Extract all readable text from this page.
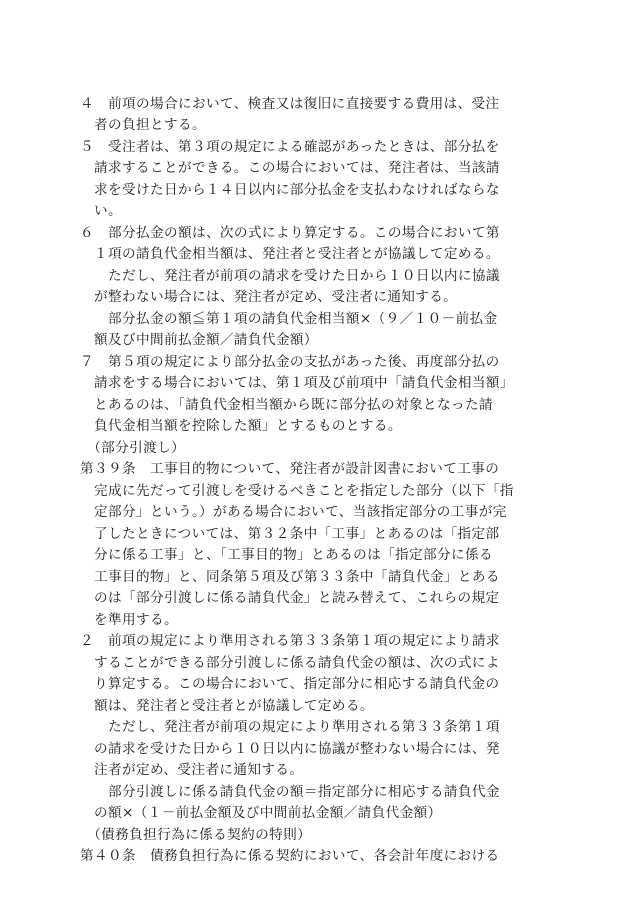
４　前項の場合において、検査又は復旧に直接要する費用は、受注
　者の負担とする。
５　受注者は、第３項の規定による確認があったときは、部分払を
　請求することができる。この場合においては、発注者は、当該請
　求を受けた日から１４日以内に部分払金を支払わなければならな
　い。
６　部分払金の額は、次の式により算定する。この場合において第
　１項の請負代金相当額は、発注者と受注者とが協議して定める。
　　ただし、発注者が前項の請求を受けた日から１０日以内に協議
　が整わない場合には、発注者が定め、受注者に通知する。
　　部分払金の額≦第１項の請負代金相当額×（９／１０－前払金
　額及び中間前払金額／請負代金額）
７　第５項の規定により部分払金の支払があった後、再度部分払の
　請求をする場合においては、第１項及び前項中「請負代金相当額」
　とあるのは、「請負代金相当額から既に部分払の対象となった請
　負代金相当額を控除した額」とするものとする。
　（部分引渡し）
第３９条　工事目的物について、発注者が設計図書において工事の
　完成に先だって引渡しを受けるべきことを指定した部分（以下「指
　定部分」という。）がある場合において、当該指定部分の工事が完
　了したときについては、第３２条中「工事」とあるのは「指定部
　分に係る工事」と、「工事目的物」とあるのは「指定部分に係る
　工事目的物」と、同条第５項及び第３３条中「請負代金」とある
　のは「部分引渡しに係る請負代金」と読み替えて、これらの規定
　を準用する。
２　前項の規定により準用される第３３条第１項の規定により請求
　することができる部分引渡しに係る請負代金の額は、次の式によ
　り算定する。この場合において、指定部分に相応する請負代金の
　額は、発注者と受注者とが協議して定める。
　　ただし、発注者が前項の規定により準用される第３３条第１項
　の請求を受けた日から１０日以内に協議が整わない場合には、発
　注者が定め、受注者に通知する。
　　部分引渡しに係る請負代金の額＝指定部分に相応する請負代金
　の額×（１－前払金額及び中間前払金額／請負代金額）
　（債務負担行為に係る契約の特則）
第４０条　債務負担行為に係る契約において、各会計年度における
